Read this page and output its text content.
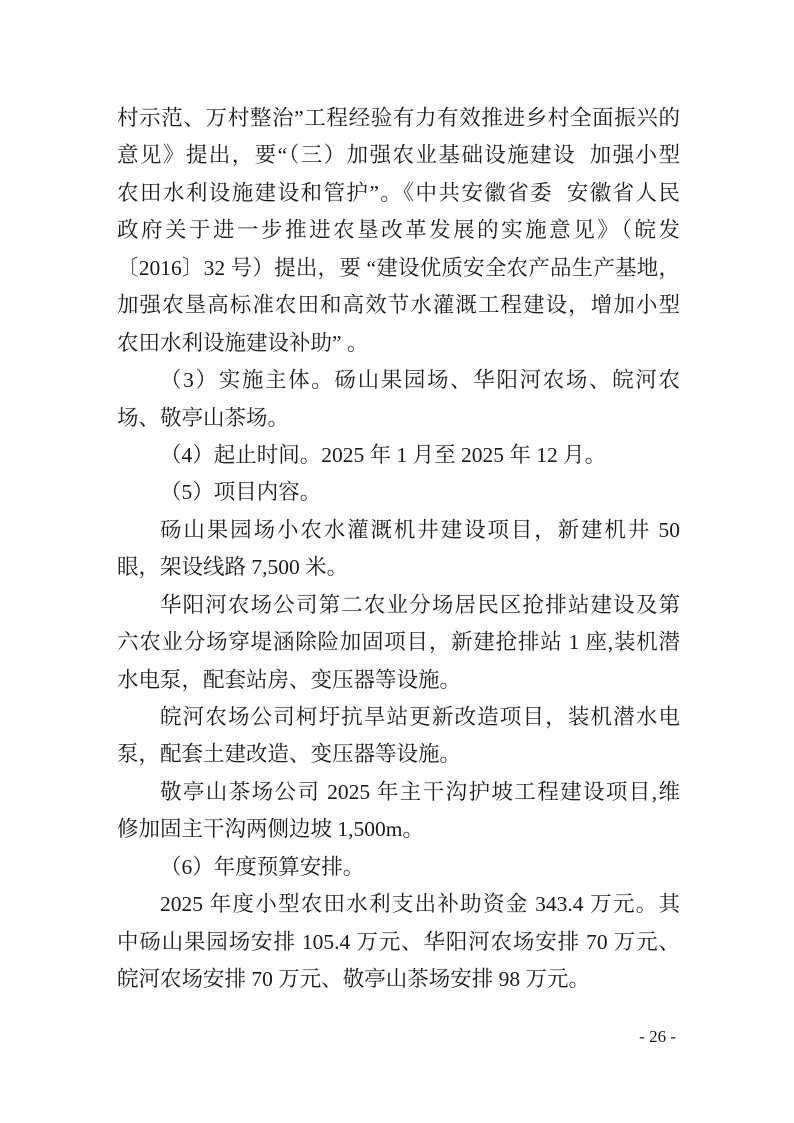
村示范、万村整治”工程经验有力有效推进乡村全面振兴的
意见》提出，要“（三）加强农业基础设施建设  加强小型
农田水利设施建设和管护”。《中共安徽省委  安徽省人民
政府关于进一步推进农垦改革发展的实施意见》（皖发
〔2016〕32 号）提出，要 “建设优质安全农产品生产基地，
加强农垦高标准农田和高效节水灌溉工程建设，增加小型
农田水利设施建设补助” 。
（3）实施主体。砀山果园场、华阳河农场、皖河农
场、敬亭山茶场。
（4）起止时间。2025 年 1 月至 2025 年 12 月。
（5）项目内容。
砀山果园场小农水灌溉机井建设项目，新建机井 50
眼，架设线路 7,500 米。
华阳河农场公司第二农业分场居民区抢排站建设及第
六农业分场穿堤涵除险加固项目，新建抢排站 1 座,装机潜
水电泵，配套站房、变压器等设施。
皖河农场公司柯圩抗旱站更新改造项目，装机潜水电
泵，配套土建改造、变压器等设施。
敬亭山茶场公司 2025 年主干沟护坡工程建设项目,维
修加固主干沟两侧边坡 1,500m。
（6）年度预算安排。
2025 年度小型农田水利支出补助资金 343.4 万元。其
中砀山果园场安排 105.4 万元、华阳河农场安排 70 万元、
皖河农场安排 70 万元、敬亭山茶场安排 98 万元。
- 26 -
